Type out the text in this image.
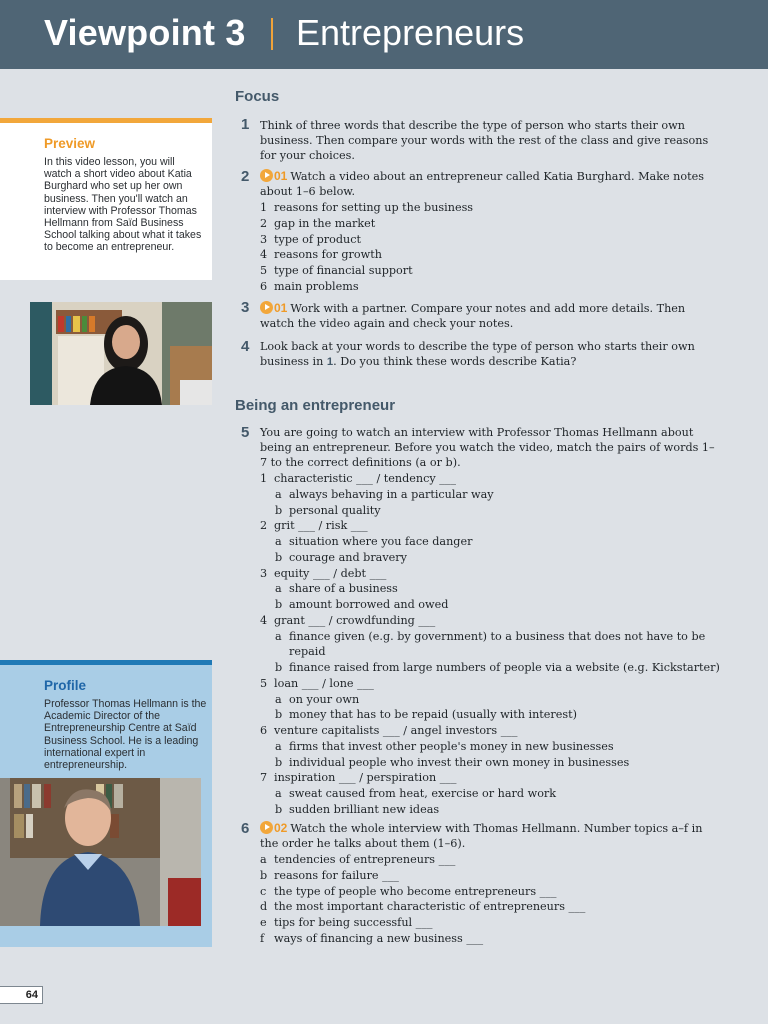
Viewpoint 3 Entrepreneurs
Preview
In this video lesson, you will watch a short video about Katia Burghard who set up her own business. Then you'll watch an interview with Professor Thomas Hellmann from Saïd Business School talking about what it takes to become an entrepreneur.
Profile
Professor Thomas Hellmann is the Academic Director of the Entrepreneurship Centre at Saïd Business School. He is a leading international expert in entrepreneurship.
Focus
1 Think of three words that describe the type of person who starts their own business. Then compare your words with the rest of the class and give reasons for your choices.
2	01 Watch a video about an entrepreneur called Katia Burghard. Make notes about 1–6 below.
1 reasons for setting up the business
2 gap in the market
3 type of product
4 reasons for growth
5 type of financial support
6 main problems
3	01 Work with a partner. Compare your notes and add more details. Then watch the video again and check your notes.
4 Look back at your words to describe the type of person who starts their own business in 1. Do you think these words describe Katia?
Being an entrepreneur
5 You are going to watch an interview with Professor Thomas Hellmann about being an entrepreneur. Before you watch the video, match the pairs of words 1–7 to the correct definitions (a or b).
1 characteristic ___ / tendency ___
a always behaving in a particular way
b personal quality
2 grit ___ / risk ___
a situation where you face danger
b courage and bravery
3 equity ___ / debt ___
a share of a business
b amount borrowed and owed
4 grant ___ / crowdfunding ___
a finance given (e.g. by government) to a business that does not have to be
repaid
b finance raised from large numbers of people via a website (e.g. Kickstarter)
5 loan ___ / lone ___
a on your own
b money that has to be repaid (usually with interest)
6 venture capitalists ___ / angel investors ___
a firms that invest other people's money in new businesses
b individual people who invest their own money in businesses
7 inspiration ___ / perspiration ___
a sweat caused from heat, exercise or hard work
b sudden brilliant new ideas
6	02 Watch the whole interview with Thomas Hellmann. Number topics a–f in the order he talks about them (1–6).
a tendencies of entrepreneurs ___
b reasons for failure ___
c the type of people who become entrepreneurs ___
d the most important characteristic of entrepreneurs ___
e tips for being successful ___
f ways of financing a new business ___
64
